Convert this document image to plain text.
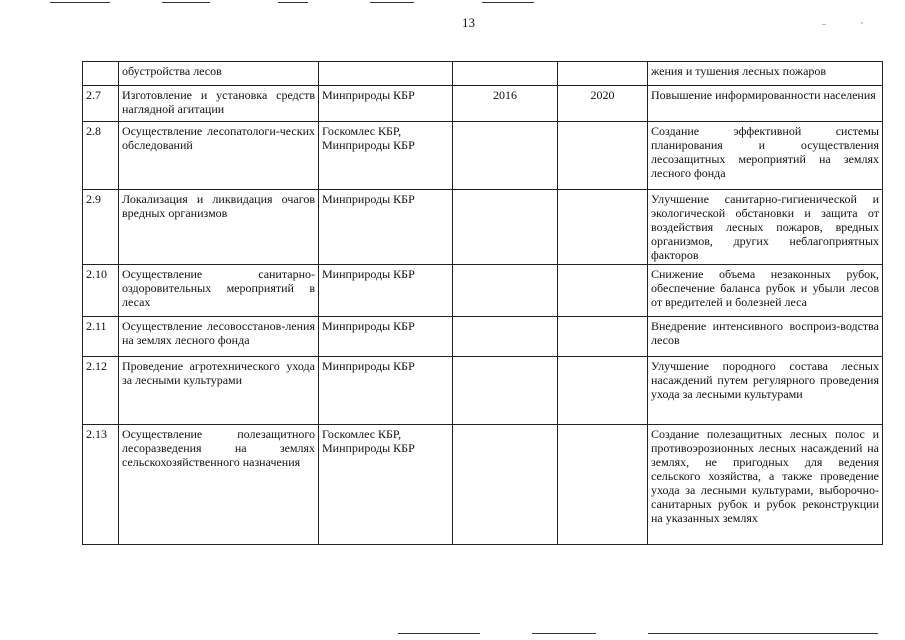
13	..	,
	обустройства лесов				жения и тушения лесных пожаров
2.7	Изготовление и установка средств наглядной агитации	Минприроды КБР	2016	2020	Повышение информированности населения
2.8	Осуществление лесопатологи-ческих обследований	Госкомлес КБР, Минприроды КБР			Создание эффективной системы планирования и осуществления лесозащитных мероприятий на землях лесного фонда
2.9	Локализация и ликвидация очагов вредных организмов	Минприроды КБР			Улучшение санитарно-гигиенической и экологической обстановки и защита от воздействия лесных пожаров, вредных организмов, других неблагоприятных факторов
2.10	Осуществление санитарно-оздоровительных мероприятий в лесах	Минприроды КБР			Снижение объема незаконных рубок, обеспечение баланса рубок и убыли лесов от вредителей и болезней леса
2.11	Осуществление лесовосстанов-ления на землях лесного фонда	Минприроды КБР			Внедрение интенсивного воспроиз-водства лесов
2.12	Проведение агротехнического ухода за лесными культурами	Минприроды КБР			Улучшение породного состава лесных насаждений путем регулярного проведения ухода за лесными культурами
2.13	Осуществление полезащитного лесоразведения на землях сельскохозяйственного назначения	Госкомлес КБР, Минприроды КБР			Создание полезащитных лесных полос и противоэрозионных лесных насаждений на землях, не пригодных для ведения сельского хозяйства, а также проведение ухода за лесными культурами, выборочно-санитарных рубок и рубок реконструкции на указанных землях
